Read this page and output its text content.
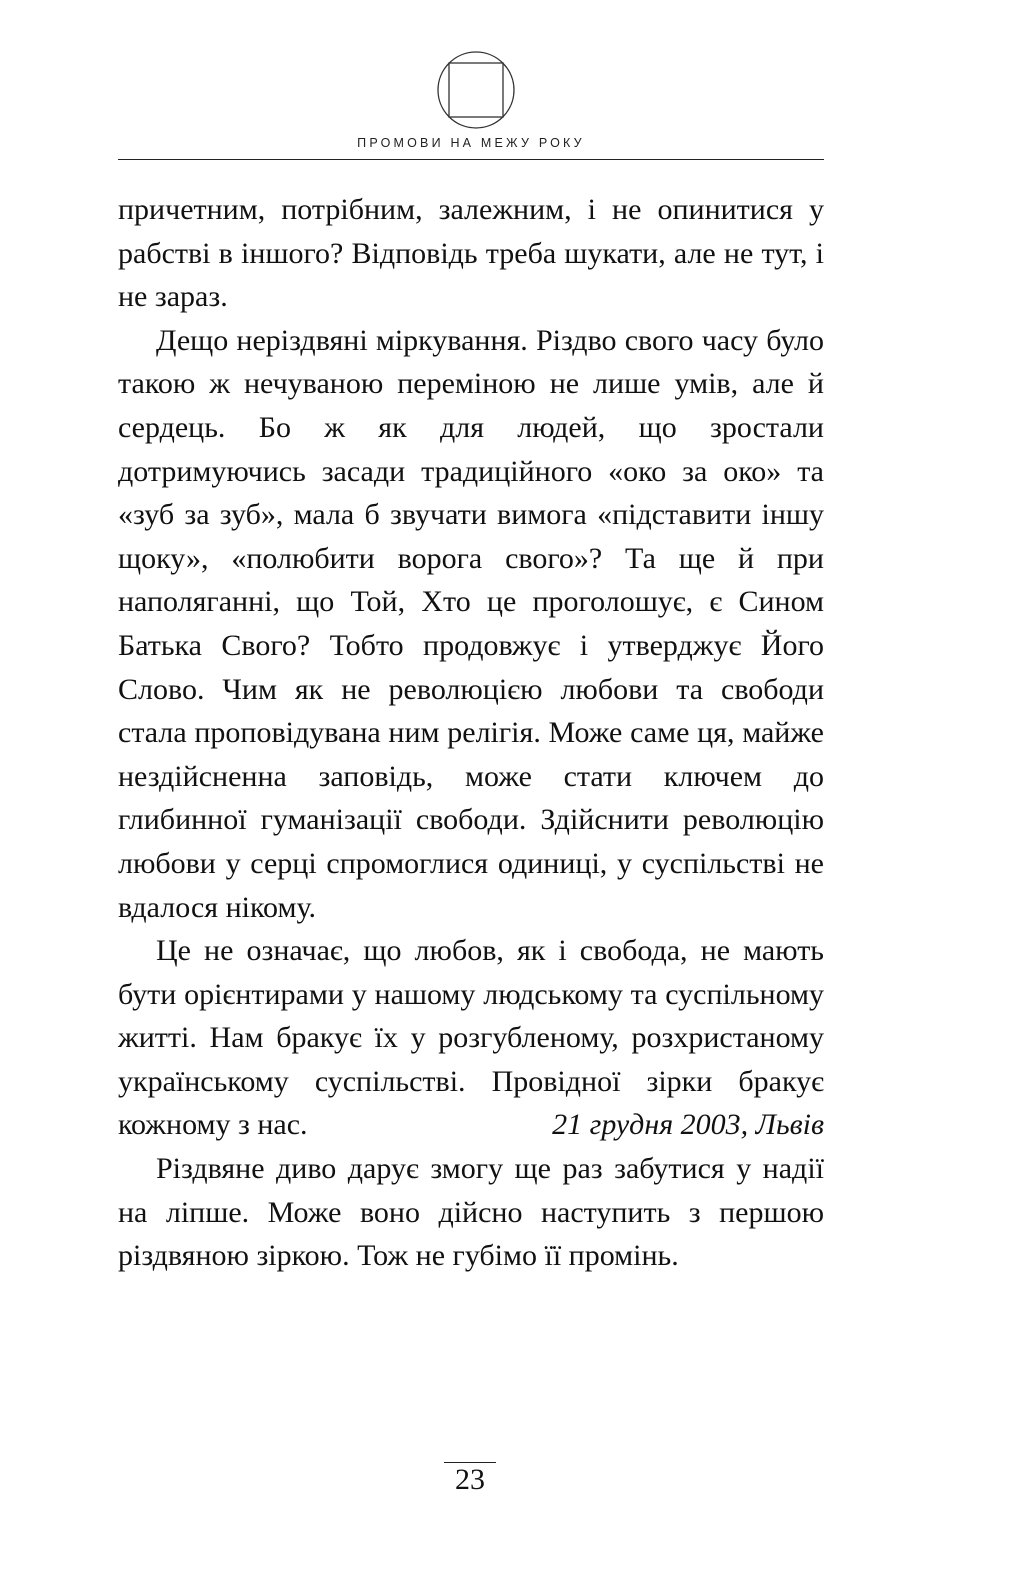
ПРОМОВИ НА МЕЖУ РОКУ

причетним, потрібним, залежним, і не опинитися у рабстві в іншого? Відповідь треба шукати, але не тут, і не зараз.

Дещо неріздвяні міркування. Різдво свого часу було такою ж нечуваною переміною не лише умів, але й сердець. Бо ж як для людей, що зростали дотримуючись засади традиційного «око за око» та «зуб за зуб», мала б звучати вимога «підставити іншу щоку», «полюбити ворога свого»? Та ще й при наполяганні, що Той, Хто це проголошує, є Сином Батька Свого? Тобто продовжує і утверджує Його Слово. Чим як не революцією любови та свободи стала проповідувана ним релігія. Може саме ця, майже нездійсненна заповідь, може стати ключем до глибинної гуманізації свободи. Здійснити революцію любови у серці спромоглися одиниці, у суспільстві не вдалося нікому.

Це не означає, що любов, як і свобода, не мають бути орієнтирами у нашому людському та суспільному житті. Нам бракує їх у розгубленому, розхристаному українському суспільстві. Провідної зірки бракує кожному з нас.

Різдвяне диво дарує змогу ще раз забутися у надії на ліпше. Може воно дійсно наступить з першою різдвяною зіркою. Тож не губімо її промінь.

21 грудня 2003, Львів
23
